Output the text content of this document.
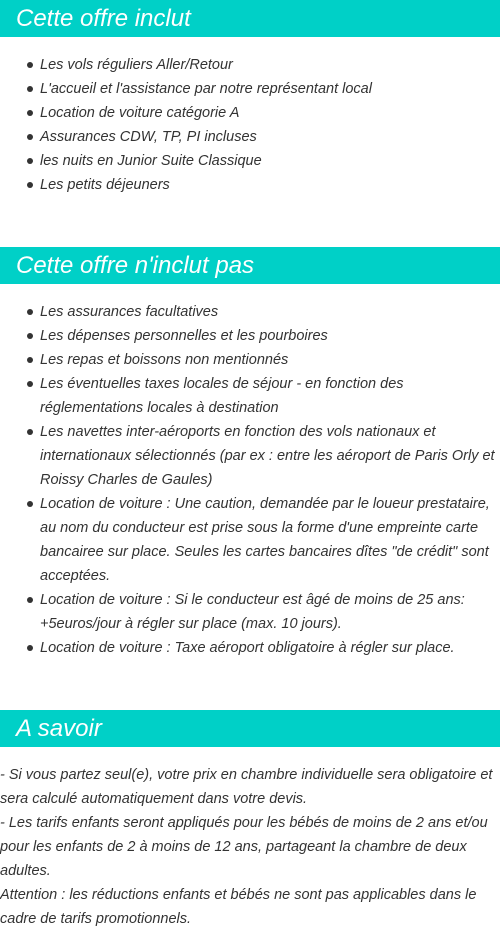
Cette offre inclut
Les vols réguliers Aller/Retour
L'accueil et l'assistance par notre représentant local
Location de voiture catégorie A
Assurances CDW, TP, PI incluses
les nuits en Junior Suite Classique
Les petits déjeuners
Cette offre n'inclut pas
Les assurances facultatives
Les dépenses personnelles et les pourboires
Les repas et boissons non mentionnés
Les éventuelles taxes locales de séjour - en fonction des réglementations locales à destination
Les navettes inter-aéroports en fonction des vols nationaux et internationaux sélectionnés (par ex : entre les aéroport de Paris Orly et Roissy Charles de Gaules)
Location de voiture : Une caution, demandée par le loueur prestataire, au nom du conducteur est prise sous la forme d'une empreinte carte bancairee sur place. Seules les cartes bancaires dîtes "de crédit" sont acceptées.
Location de voiture : Si le conducteur est âgé de moins de 25 ans: +5euros/jour à régler sur place (max. 10 jours).
Location de voiture : Taxe aéroport obligatoire à régler sur place.
A savoir

- Si vous partez seul(e), votre prix en chambre individuelle sera obligatoire et sera calculé automatiquement dans votre devis.

- Les tarifs enfants seront appliqués pour les bébés de moins de 2 ans et/ou pour les enfants de 2 à moins de 12 ans, partageant la chambre de deux adultes.

Attention : les réductions enfants et bébés ne sont pas applicables dans le cadre de tarifs promotionnels.
